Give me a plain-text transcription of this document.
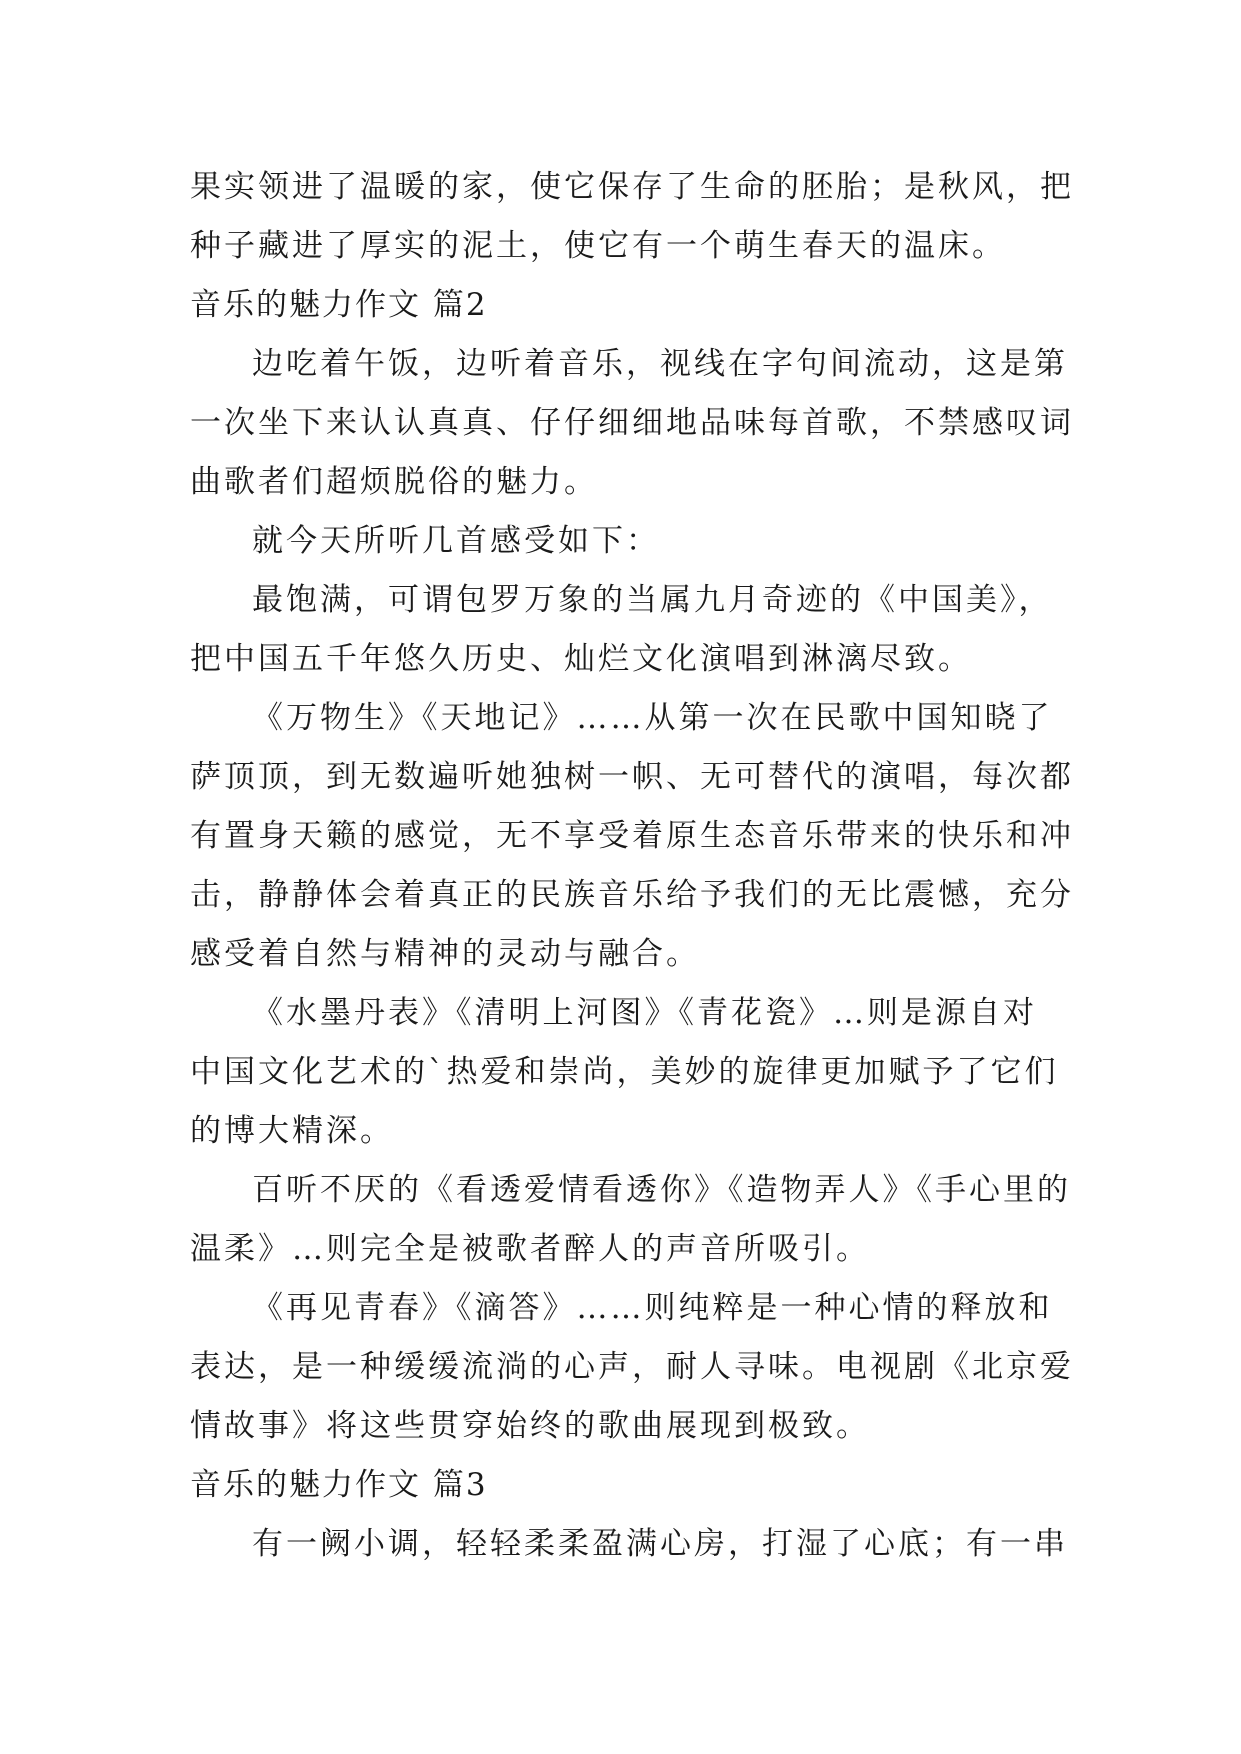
果实领进了温暖的家，使它保存了生命的胚胎；是秋风，把
种子藏进了厚实的泥土，使它有一个萌生春天的温床。
音乐的魅力作文 篇2
边吃着午饭，边听着音乐，视线在字句间流动，这是第
一次坐下来认认真真、仔仔细细地品味每首歌，不禁感叹词
曲歌者们超烦脱俗的魅力。
就今天所听几首感受如下：
最饱满，可谓包罗万象的当属九月奇迹的《中国美》，
把中国五千年悠久历史、灿烂文化演唱到淋漓尽致。
《万物生》《天地记》……从第一次在民歌中国知晓了
萨顶顶，到无数遍听她独树一帜、无可替代的演唱，每次都
有置身天籁的感觉，无不享受着原生态音乐带来的快乐和冲
击，静静体会着真正的民族音乐给予我们的无比震憾，充分
感受着自然与精神的灵动与融合。
《水墨丹表》《清明上河图》《青花瓷》…则是源自对
中国文化艺术的`热爱和崇尚，美妙的旋律更加赋予了它们
的博大精深。
百听不厌的《看透爱情看透你》《造物弄人》《手心里的
温柔》…则完全是被歌者醉人的声音所吸引。
《再见青春》《滴答》……则纯粹是一种心情的释放和
表达，是一种缓缓流淌的心声，耐人寻味。电视剧《北京爱
情故事》将这些贯穿始终的歌曲展现到极致。
音乐的魅力作文 篇3
有一阙小调，轻轻柔柔盈满心房，打湿了心底；有一串
